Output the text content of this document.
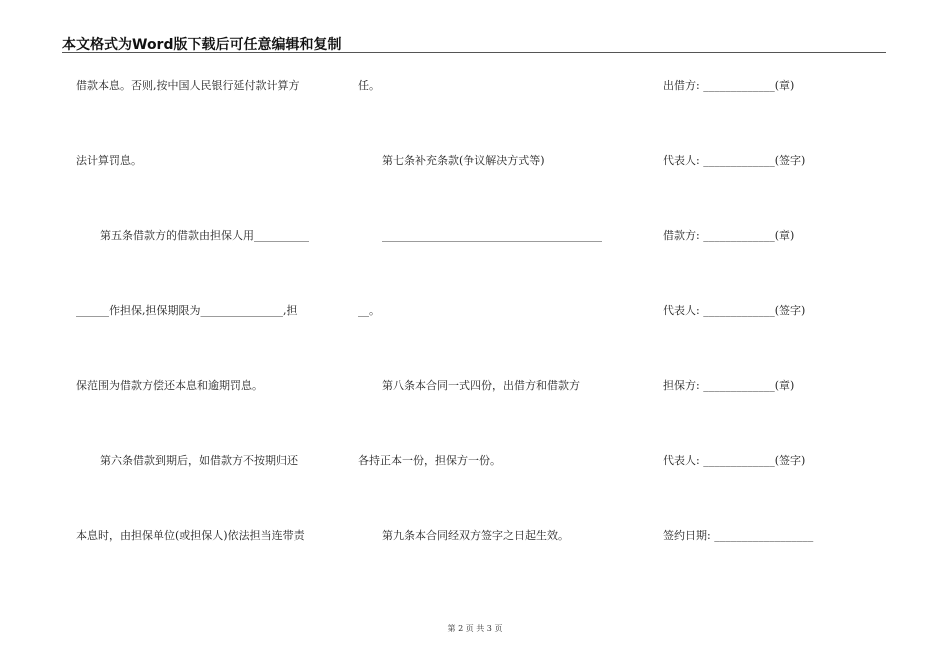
本文格式为Word版下载后可任意编辑和复制
借款本息。否则,按中国人民银行延付款计算方
法计算罚息。
第五条借款方的借款由担保人用__________
______作担保,担保期限为_______________,担
保范围为借款方偿还本息和逾期罚息。
第六条借款到期后，如借款方不按期归还
本息时，由担保单位(或担保人)依法担当连带责
任。
第七条补充条款(争议解决方式等)
________________________________________
__。
第八条本合同一式四份，出借方和借款方
各持正本一份，担保方一份。
第九条本合同经双方签字之日起生效。
出借方: _____________(章)
代表人: _____________(签字)
借款方: _____________(章)
代表人: _____________(签字)
担保方: _____________(章)
代表人: _____________(签字)
签约日期: __________________
第 2 页 共 3 页
